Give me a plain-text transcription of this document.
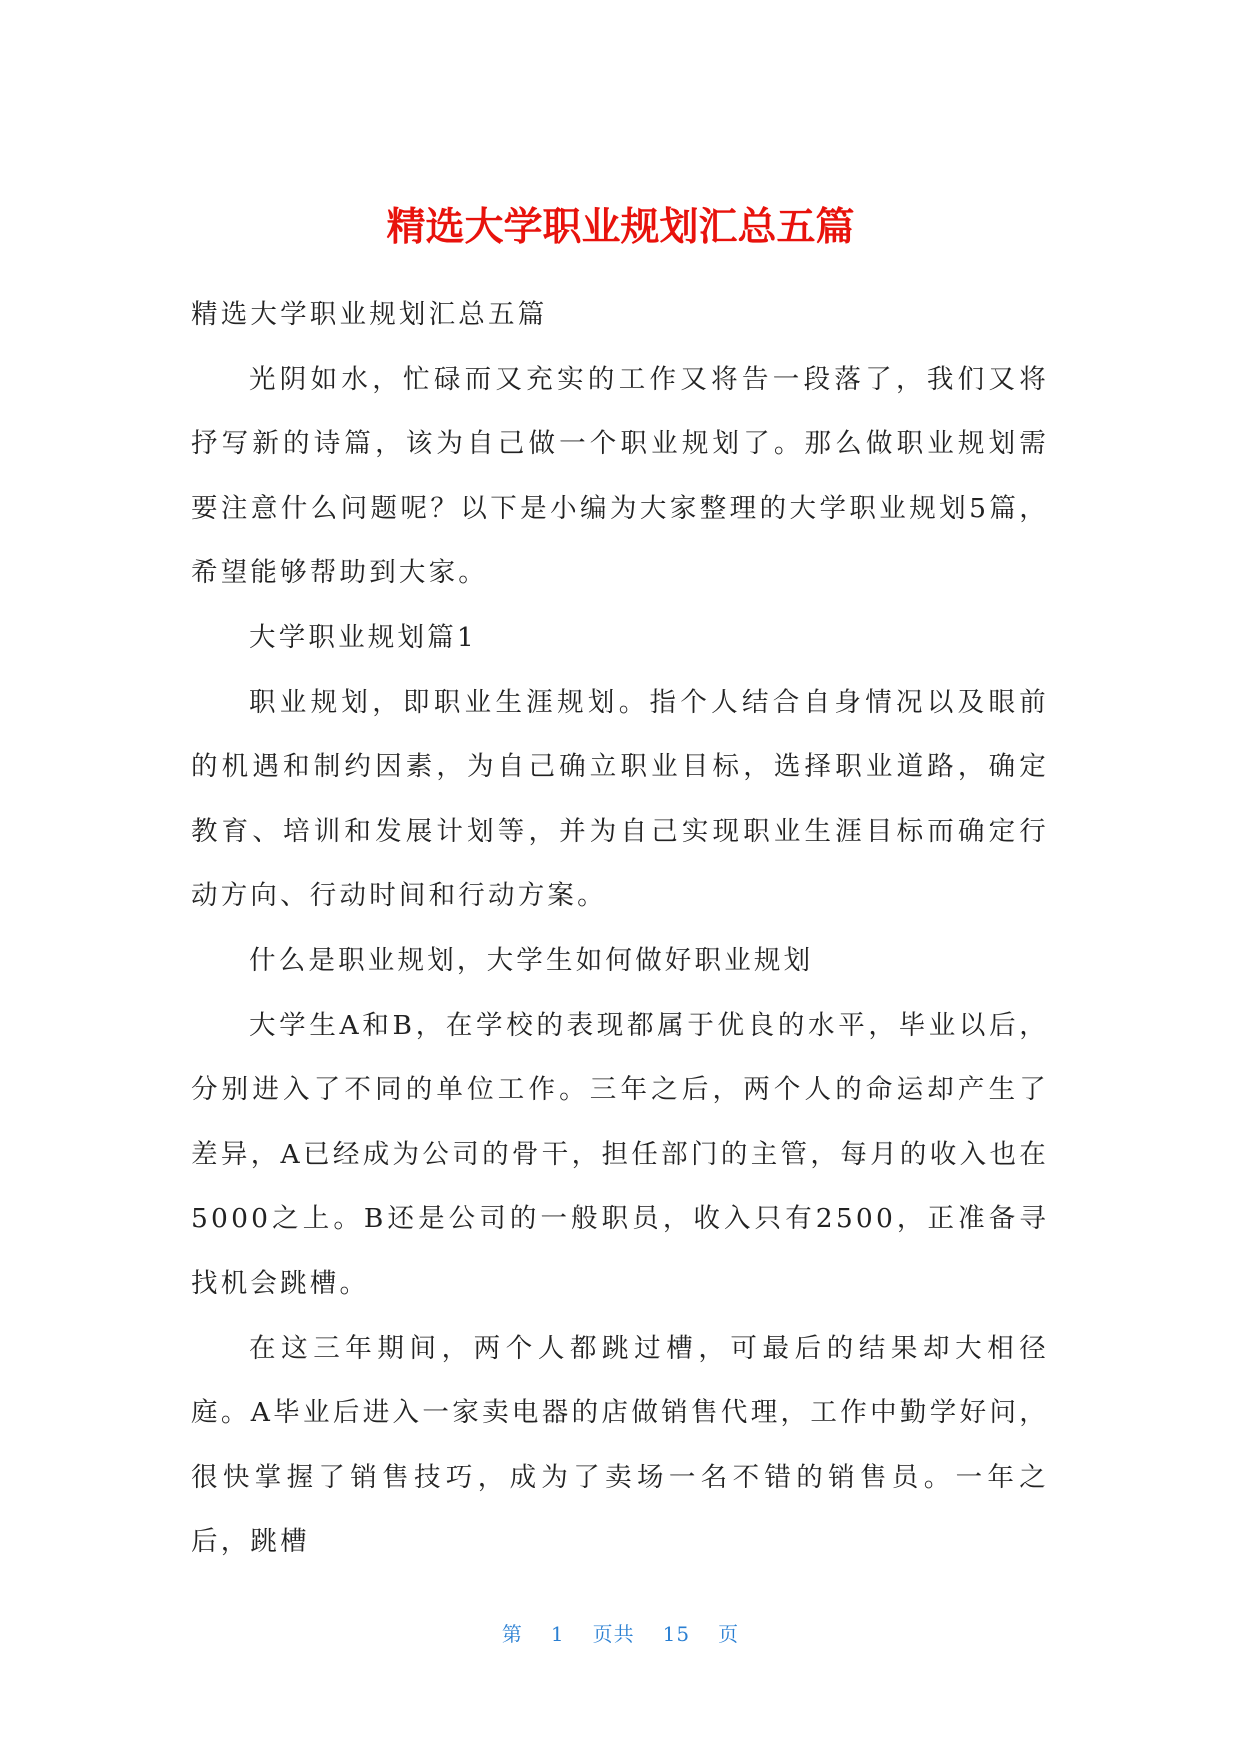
精选大学职业规划汇总五篇

精选大学职业规划汇总五篇

光阴如水，忙碌而又充实的工作又将告一段落了，我们又将抒写新的诗篇，该为自己做一个职业规划了。那么做职业规划需要注意什么问题呢？以下是小编为大家整理的大学职业规划5篇，希望能够帮助到大家。

大学职业规划篇1

职业规划，即职业生涯规划。指个人结合自身情况以及眼前的机遇和制约因素，为自己确立职业目标，选择职业道路，确定教育、培训和发展计划等，并为自己实现职业生涯目标而确定行动方向、行动时间和行动方案。

什么是职业规划，大学生如何做好职业规划

大学生A和B，在学校的表现都属于优良的水平，毕业以后，分别进入了不同的单位工作。三年之后，两个人的命运却产生了差异，A已经成为公司的骨干，担任部门的主管，每月的收入也在5000之上。B还是公司的一般职员，收入只有2500，正准备寻找机会跳槽。

在这三年期间，两个人都跳过槽，可最后的结果却大相径庭。A毕业后进入一家卖电器的店做销售代理，工作中勤学好问，很快掌握了销售技巧，成为了卖场一名不错的销售员。一年之后，跳槽

第 1 页共 15 页
